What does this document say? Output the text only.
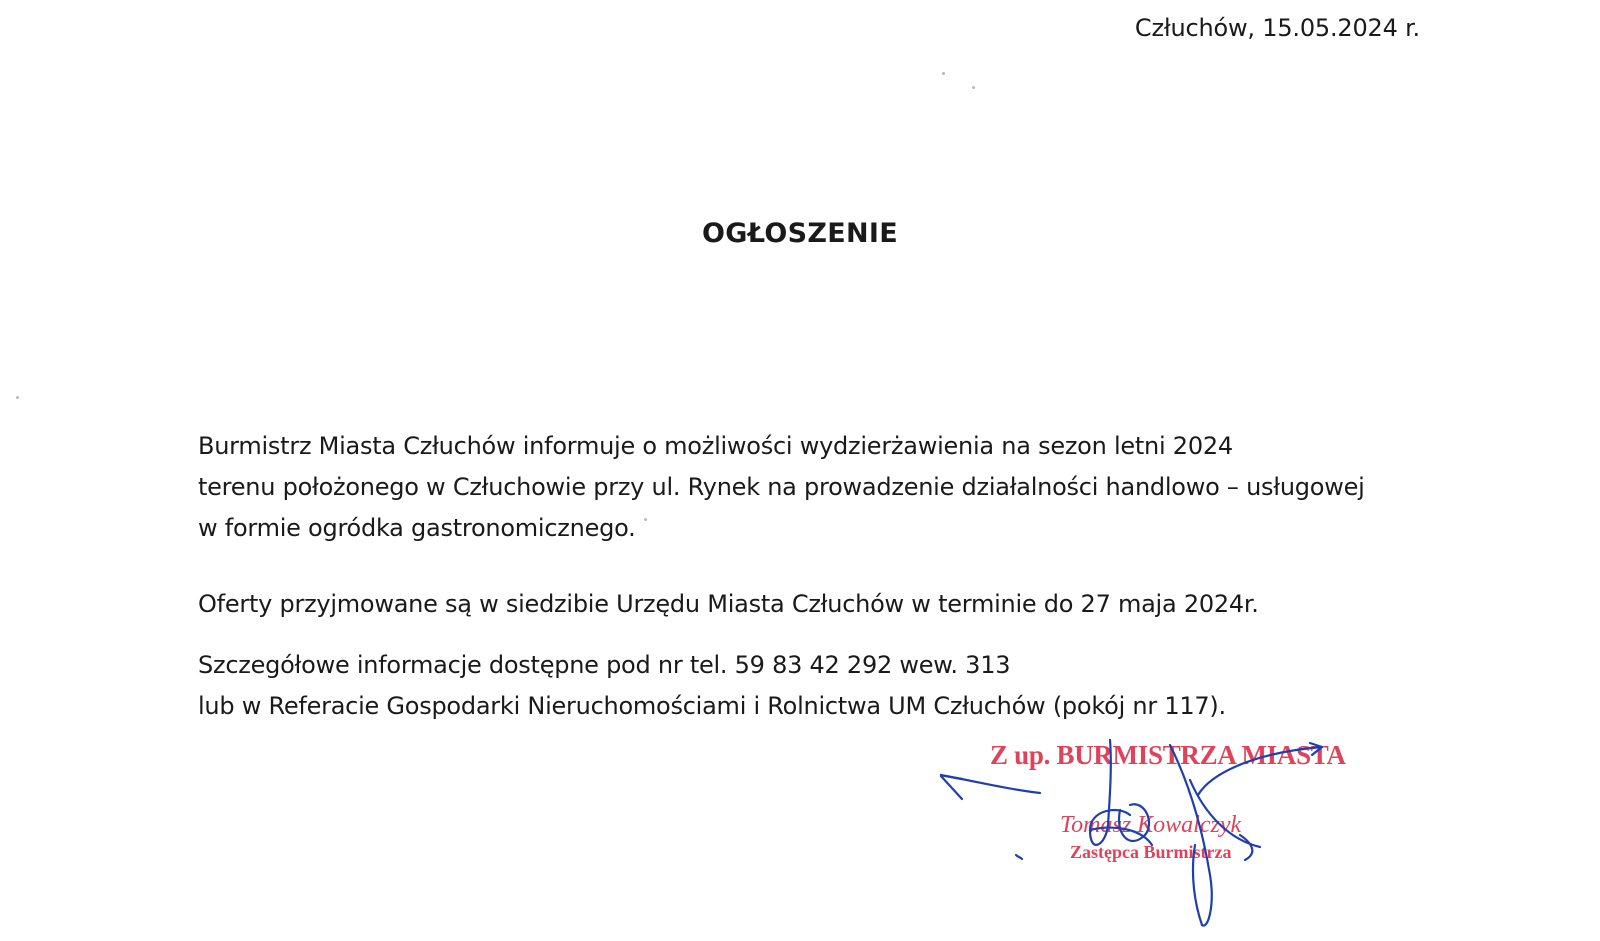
Człuchów, 15.05.2024 r.
OGŁOSZENIE
Burmistrz Miasta Człuchów informuje o możliwości wydzierżawienia na sezon letni 2024
terenu położonego w Człuchowie przy ul. Rynek na prowadzenie działalności handlowo – usługowej
w formie ogródka gastronomicznego.
Oferty przyjmowane są w siedzibie Urzędu Miasta Człuchów w terminie do 27 maja 2024r.
Szczegółowe informacje dostępne pod nr tel. 59 83 42 292 wew. 313
lub w Referacie Gospodarki Nieruchomościami i Rolnictwa UM Człuchów (pokój nr 117).
Z up. BURMISTRZA MIASTA
Tomasz Kowalczyk
Zastępca Burmistrza
